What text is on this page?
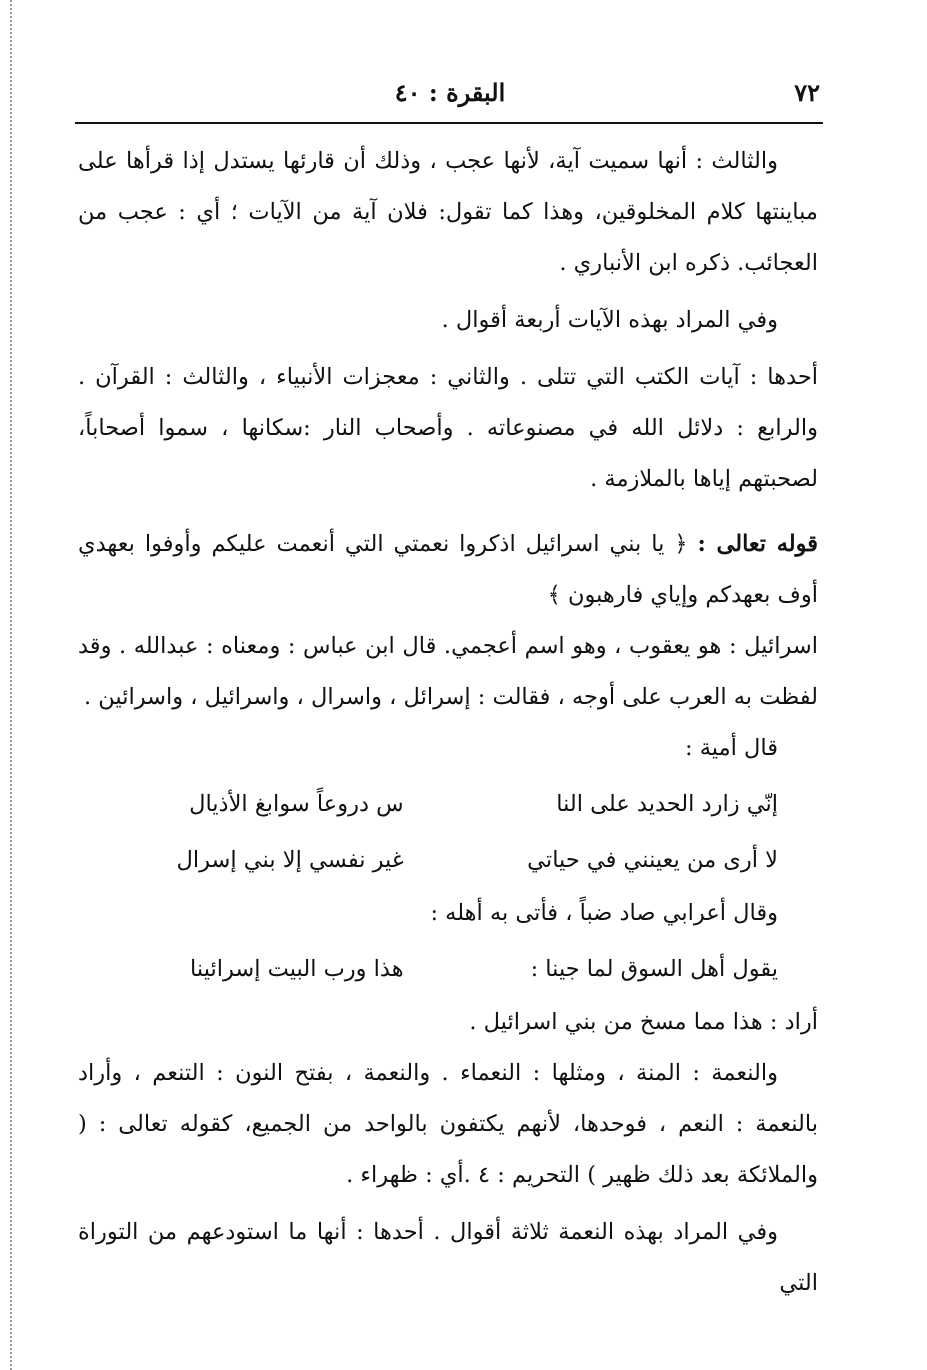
٧٢
البقرة : ٤٠

والثالث : أنها سميت آية، لأنها عجب ، وذلك أن قارئها يستدل إذا قرأها على مباينتها كلام المخلوقين، وهذا كما تقول: فلان آية من الآيات ؛ أي : عجب من العجائب. ذكره ابن الأنباري .

وفي المراد بهذه الآيات أربعة أقوال .

أحدها : آيات الكتب التي تتلى . والثاني : معجزات الأنبياء ، والثالث : القرآن . والرابع : دلائل الله في مصنوعاته . وأصحاب النار :سكانها ، سموا أصحاباً، لصحبتهم إياها بالملازمة .

قوله تعالى : ﴿ يا بني اسرائيل اذكروا نعمتي التي أنعمت عليكم وأوفوا بعهدي أوف بعهدكم وإياي فارهبون ﴾

اسرائيل : هو يعقوب ، وهو اسم أعجمي. قال ابن عباس : ومعناه : عبدالله . وقد لفظت به العرب على أوجه ، فقالت : إسرائل ، واسرال ، واسرائيل ، واسرائين .

قال أمية :

إنّي زارد الحديد على النا
س دروعاً سوابغ الأذيال
لا أرى من يعينني في حياتي
غير نفسي إلا بني إسرال

وقال أعرابي صاد ضباً ، فأتى به أهله :

يقول أهل السوق لما جينا :
هذا ورب البيت إسرائينا

أراد : هذا مما مسخ من بني اسرائيل .

والنعمة : المنة ، ومثلها : النعماء . والنعمة ، بفتح النون : التنعم ، وأراد بالنعمة : النعم ، فوحدها، لأنهم يكتفون بالواحد من الجميع، كقوله تعالى : ( والملائكة بعد ذلك ظهير ) التحريم : ٤ .أي : ظهراء .

وفي المراد بهذه النعمة ثلاثة أقوال . أحدها : أنها ما استودعهم من التوراة التي
